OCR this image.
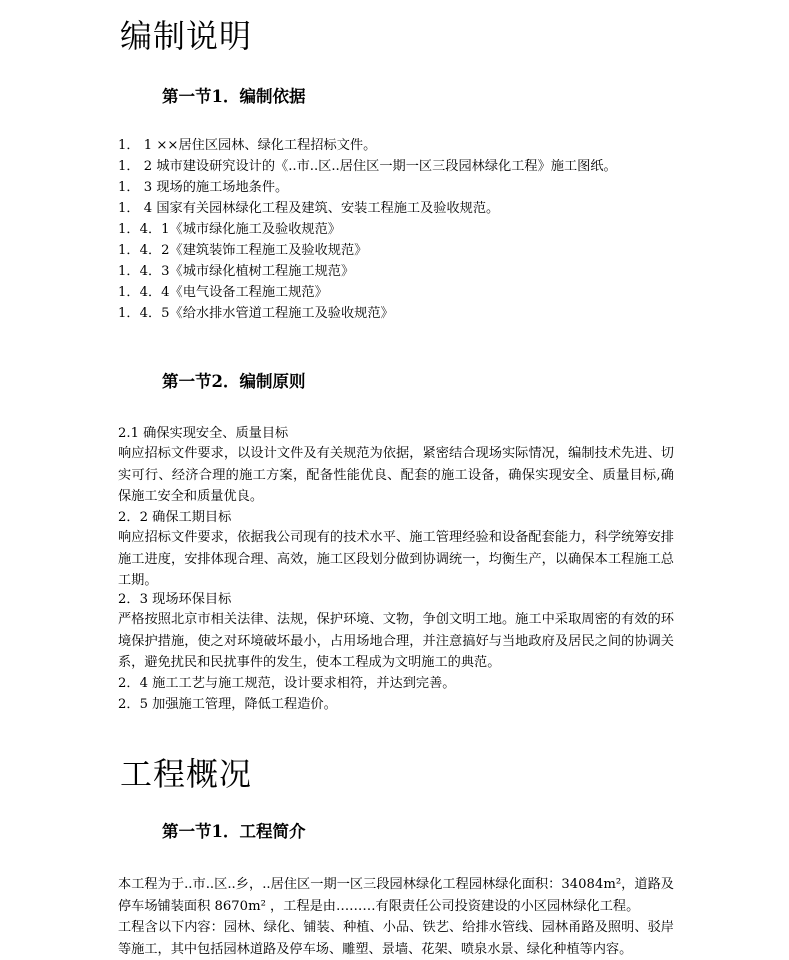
编制说明
第一节1．编制依据
1． 1 ××居住区园林、绿化工程招标文件。
1． 2 城市建设研究设计的《..市..区..居住区一期一区三段园林绿化工程》施工图纸。
1． 3 现场的施工场地条件。
1． 4 国家有关园林绿化工程及建筑、安装工程施工及验收规范。
1．4．1《城市绿化施工及验收规范》
1．4．2《建筑装饰工程施工及验收规范》
1．4．3《城市绿化植树工程施工规范》
1．4．4《电气设备工程施工规范》
1．4．5《给水排水管道工程施工及验收规范》
第一节2．编制原则
2.1 确保实现安全、质量目标

响应招标文件要求，以设计文件及有关规范为依据，紧密结合现场实际情况，编制技术先进、切实可行、经济合理的施工方案，配备性能优良、配套的施工设备，确保实现安全、质量目标,确保施工安全和质量优良。

2．2 确保工期目标

响应招标文件要求，依据我公司现有的技术水平、施工管理经验和设备配套能力，科学统筹安排施工进度，安排体现合理、高效，施工区段划分做到协调统一，均衡生产，以确保本工程施工总工期。

2．3 现场环保目标

严格按照北京市相关法律、法规，保护环境、文物，争创文明工地。施工中采取周密的有效的环境保护措施，使之对环境破坏最小，占用场地合理，并注意搞好与当地政府及居民之间的协调关系，避免扰民和民扰事件的发生，使本工程成为文明施工的典范。

2．4 施工工艺与施工规范，设计要求相符，并达到完善。
2．5 加强施工管理，降低工程造价。
工程概况
第一节1．工程简介

本工程为于..市..区..乡，..居住区一期一区三段园林绿化工程园林绿化面积：34084m²，道路及停车场铺装面积 8670m² ，工程是由………有限责任公司投资建设的小区园林绿化工程。

工程含以下内容：园林、绿化、铺装、种植、小品、铁艺、给排水管线、园林甬路及照明、驳岸等施工，其中包括园林道路及停车场、雕塑、景墙、花架、喷泉水景、绿化种植等内容。
